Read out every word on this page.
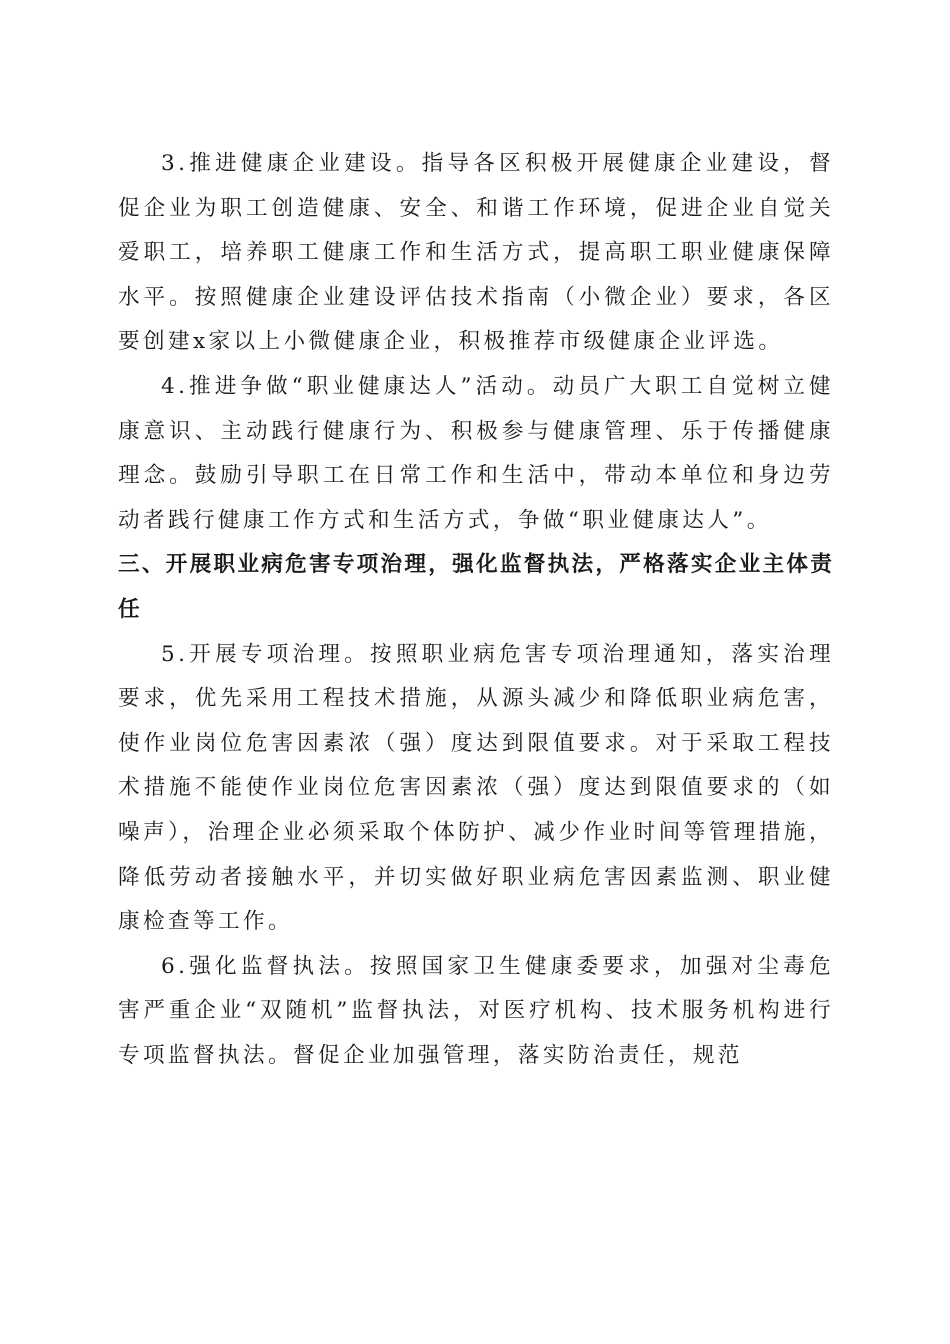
3.推进健康企业建设。指导各区积极开展健康企业建设，督促企业为职工创造健康、安全、和谐工作环境，促进企业自觉关爱职工，培养职工健康工作和生活方式，提高职工职业健康保障水平。按照健康企业建设评估技术指南（小微企业）要求，各区要创建x家以上小微健康企业，积极推荐市级健康企业评选。

4.推进争做“职业健康达人”活动。动员广大职工自觉树立健康意识、主动践行健康行为、积极参与健康管理、乐于传播健康理念。鼓励引导职工在日常工作和生活中，带动本单位和身边劳动者践行健康工作方式和生活方式，争做“职业健康达人”。

三、开展职业病危害专项治理，强化监督执法，严格落实企业主体责任

5.开展专项治理。按照职业病危害专项治理通知，落实治理要求，优先采用工程技术措施，从源头减少和降低职业病危害，使作业岗位危害因素浓（强）度达到限值要求。对于采取工程技术措施不能使作业岗位危害因素浓（强）度达到限值要求的（如噪声），治理企业必须采取个体防护、减少作业时间等管理措施，降低劳动者接触水平，并切实做好职业病危害因素监测、职业健康检查等工作。

6.强化监督执法。按照国家卫生健康委要求，加强对尘毒危害严重企业“双随机”监督执法，对医疗机构、技术服务机构进行专项监督执法。督促企业加强管理，落实防治责任，规范
